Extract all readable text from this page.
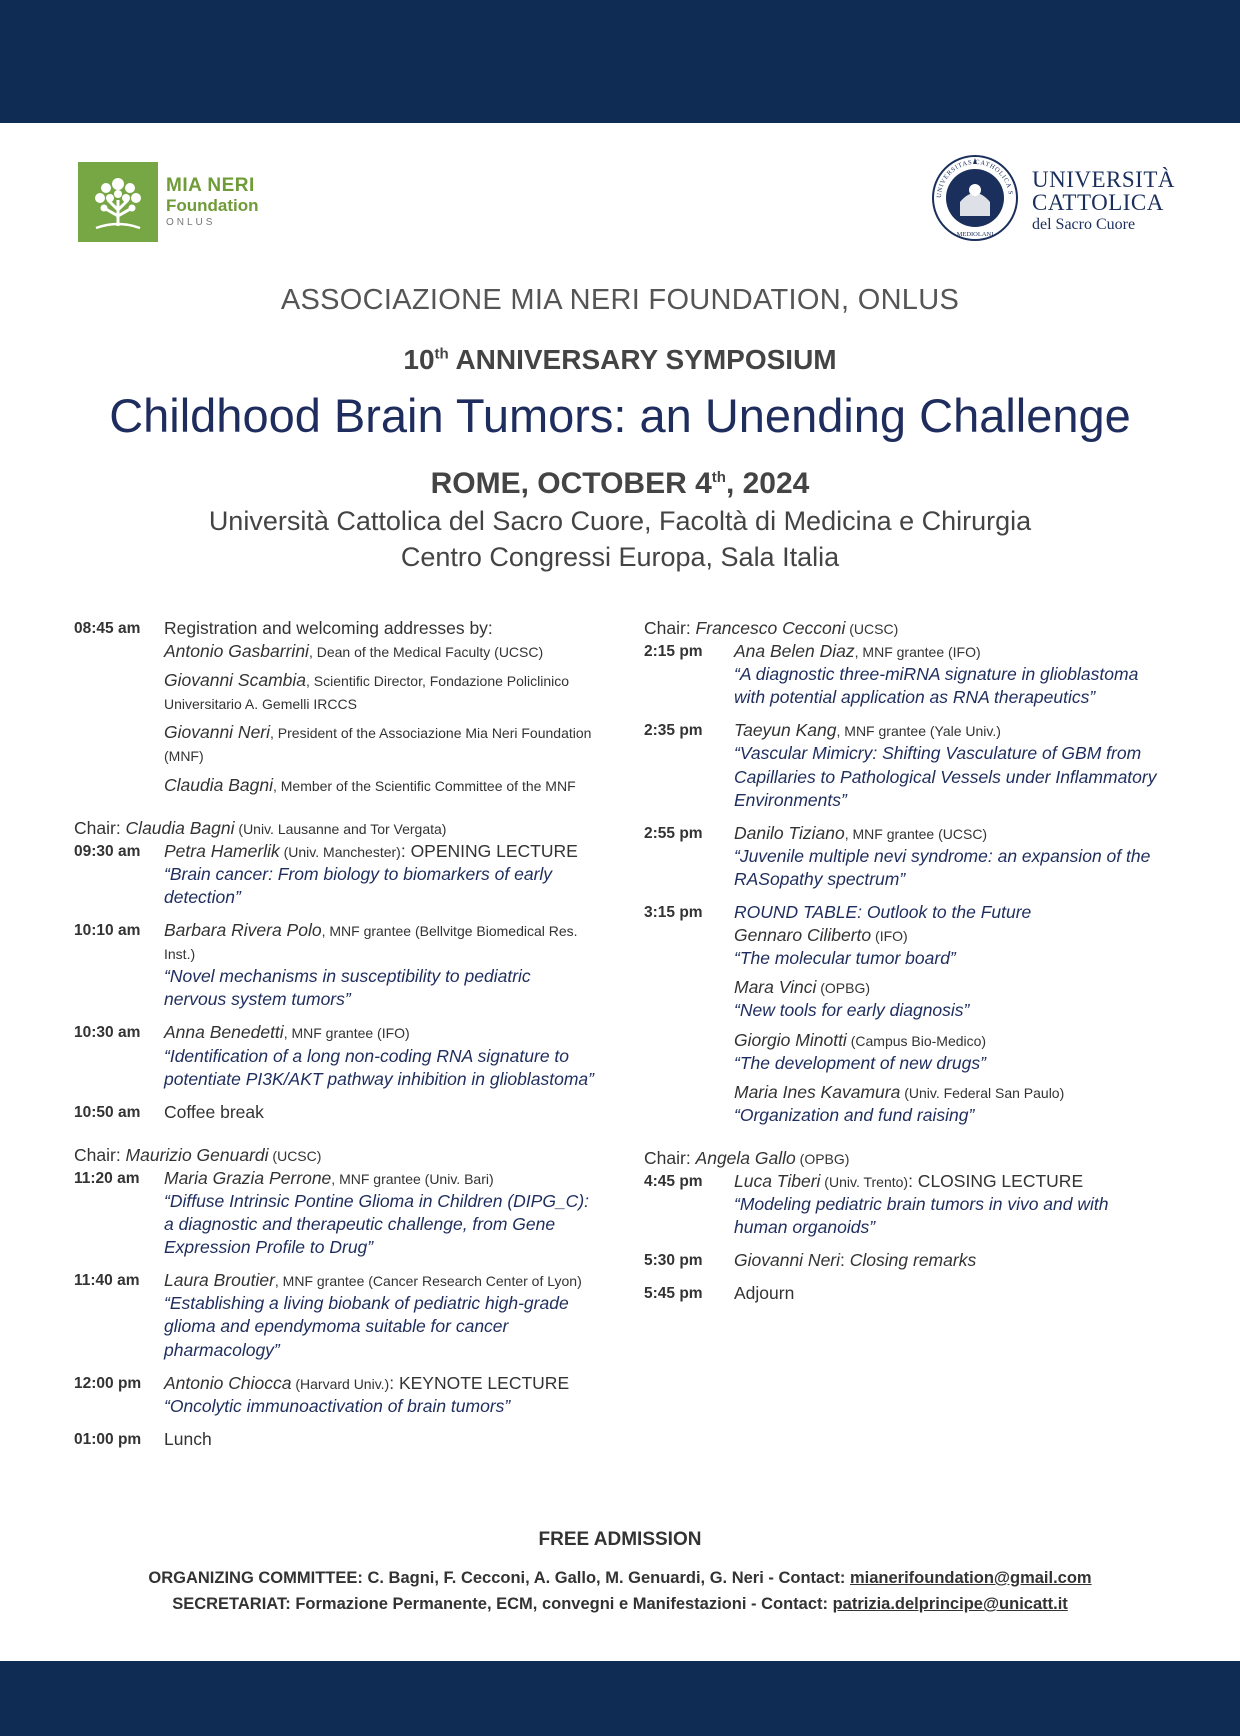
MIA NERI
Foundation
ONLUS
UNIVERSITAS CATHOLICA S
MEDIOLANI
UNIVERSITÀ
CATTOLICA
del Sacro Cuore
ASSOCIAZIONE MIA NERI FOUNDATION, ONLUS
10th ANNIVERSARY SYMPOSIUM
Childhood Brain Tumors: an Unending Challenge
ROME, OCTOBER 4th, 2024
Università Cattolica del Sacro Cuore, Facoltà di Medicina e Chirurgia
Centro Congressi Europa, Sala Italia
08:45 am	Registration and welcoming addresses by:
Antonio Gasbarrini, Dean of the Medical Faculty (UCSC)
Giovanni Scambia, Scientific Director, Fondazione Policlinico Universitario A. Gemelli IRCCS
Giovanni Neri, President of the Associazione Mia Neri Foundation (MNF)
Claudia Bagni, Member of the Scientific Committee of the MNF
Chair: Claudia Bagni (Univ. Lausanne and Tor Vergata)
09:30 am	Petra Hamerlik (Univ. Manchester): OPENING LECTURE
“Brain cancer: From biology to biomarkers of early detection”
10:10 am	Barbara Rivera Polo, MNF grantee (Bellvitge Biomedical Res. Inst.)
“Novel mechanisms in susceptibility to pediatric nervous system tumors”
10:30 am	Anna Benedetti, MNF grantee (IFO)
“Identification of a long non-coding RNA signature to potentiate PI3K/AKT pathway inhibition in glioblastoma”
10:50 am	Coffee break
Chair: Maurizio Genuardi (UCSC)
11:20 am	Maria Grazia Perrone, MNF grantee (Univ. Bari)
“Diffuse Intrinsic Pontine Glioma in Children (DIPG_C): a diagnostic and therapeutic challenge, from Gene Expression Profile to Drug”
11:40 am	Laura Broutier, MNF grantee (Cancer Research Center of Lyon)
“Establishing a living biobank of pediatric high-grade glioma and ependymoma suitable for cancer pharmacology”
12:00 pm	Antonio Chiocca (Harvard Univ.): KEYNOTE LECTURE
“Oncolytic immunoactivation of brain tumors”
01:00 pm	Lunch
Chair: Francesco Cecconi (UCSC)
2:15 pm	Ana Belen Diaz, MNF grantee (IFO)
“A diagnostic three-miRNA signature in glioblastoma with potential application as RNA therapeutics”
2:35 pm	Taeyun Kang, MNF grantee (Yale Univ.)
“Vascular Mimicry: Shifting Vasculature of GBM from Capillaries to Pathological Vessels under Inflammatory Environments”
2:55 pm	Danilo Tiziano, MNF grantee (UCSC)
“Juvenile multiple nevi syndrome: an expansion of the RASopathy spectrum”
3:15 pm	ROUND TABLE: Outlook to the Future
Gennaro Ciliberto (IFO)
“The molecular tumor board”
Mara Vinci (OPBG)
“New tools for early diagnosis”
Giorgio Minotti (Campus Bio-Medico)
“The development of new drugs”
Maria Ines Kavamura (Univ. Federal San Paulo)
“Organization and fund raising”
Chair: Angela Gallo (OPBG)
4:45 pm	Luca Tiberi (Univ. Trento): CLOSING LECTURE
“Modeling pediatric brain tumors in vivo and with human organoids”
5:30 pm	Giovanni Neri: Closing remarks
5:45 pm	Adjourn
FREE ADMISSION
ORGANIZING COMMITTEE: C. Bagni, F. Cecconi, A. Gallo, M. Genuardi, G. Neri - Contact: mianerifoundation@gmail.com
SECRETARIAT: Formazione Permanente, ECM, convegni e Manifestazioni - Contact: patrizia.delprincipe@unicatt.it
